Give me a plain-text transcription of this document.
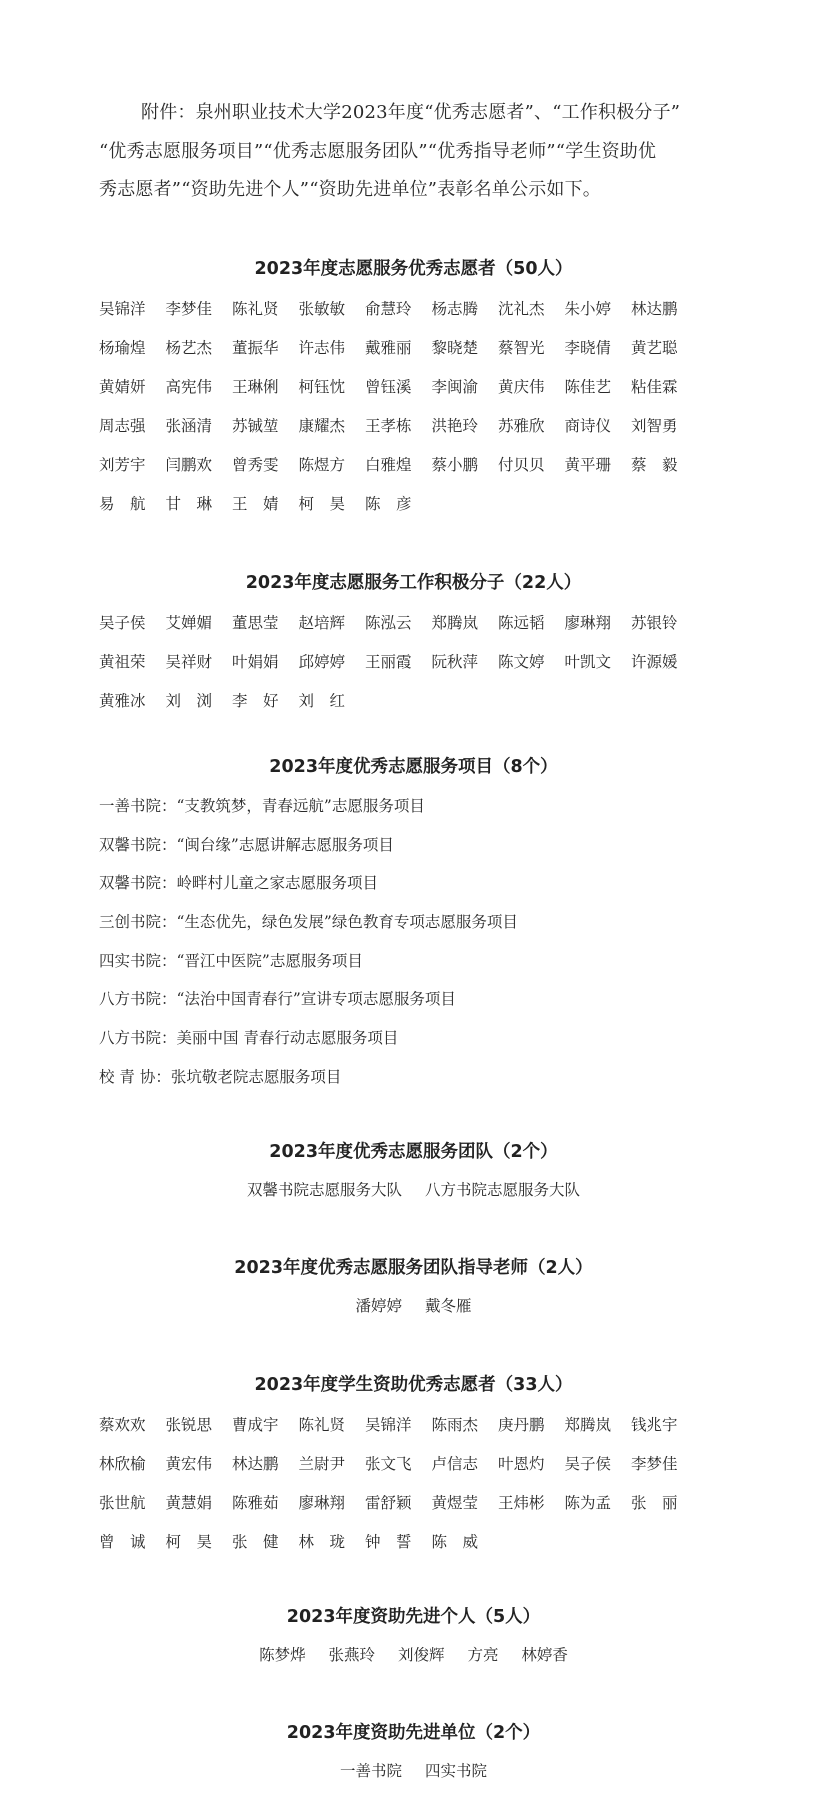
附件：泉州职业技术大学2023年度“优秀志愿者”、“工作积极分子”

“优秀志愿服务项目”“优秀志愿服务团队”“优秀指导老师”“学生资助优
秀志愿者”“资助先进个人”“资助先进单位”表彰名单公示如下。
2023年度志愿服务优秀志愿者（50人）
吴锦洋	李梦佳	陈礼贤	张敏敏	俞慧玲	杨志腾	沈礼杰	朱小婷	林达鹏
杨瑜煌	杨艺杰	董振华	许志伟	戴雅丽	黎晓楚	蔡智光	李晓倩	黄艺聪
黄婧妍	高宪伟	王琳俐	柯钰忱	曾钰溪	李闽渝	黄庆伟	陈佳艺	粘佳霖
周志强	张涵清	苏铖堃	康耀杰	王孝栋	洪艳玲	苏雅欣	商诗仪	刘智勇
刘芳宇	闫鹏欢	曾秀雯	陈煜方	白雅煌	蔡小鹏	付贝贝	黄平珊	蔡　毅
易　航	甘　琳	王　婧	柯　昊	陈　彦
2023年度志愿服务工作积极分子（22人）
吴子侯	艾婵媚	董思莹	赵培辉	陈泓云	郑腾岚	陈远韬	廖琳翔	苏银铃
黄祖荣	吴祥财	叶娟娟	邱婷婷	王丽霞	阮秋萍	陈文婷	叶凯文	许源媛
黄雅冰	刘　浏	李　好	刘　红
2023年度优秀志愿服务项目（8个）
一善书院：“支教筑梦，青春远航”志愿服务项目
双馨书院：“闽台缘”志愿讲解志愿服务项目
双馨书院：岭畔村儿童之家志愿服务项目
三创书院：“生态优先，绿色发展”绿色教育专项志愿服务项目
四实书院：“晋江中医院”志愿服务项目
八方书院：“法治中国青春行”宣讲专项志愿服务项目
八方书院：美丽中国 青春行动志愿服务项目
校 青 协：张坑敬老院志愿服务项目
2023年度优秀志愿服务团队（2个）
双馨书院志愿服务大队 八方书院志愿服务大队
2023年度优秀志愿服务团队指导老师（2人）
潘婷婷 戴冬雁
2023年度学生资助优秀志愿者（33人）
蔡欢欢	张锐思	曹成宇	陈礼贤	吴锦洋	陈雨杰	庚丹鹏	郑腾岚	钱兆宇
林欣榆	黄宏伟	林达鹏	兰尉尹	张文飞	卢信志	叶恩灼	吴子侯	李梦佳
张世航	黄慧娟	陈雅茹	廖琳翔	雷舒颖	黄煜莹	王炜彬	陈为孟	张　丽
曾　诚	柯　昊	张　健	林　珑	钟　誓	陈　威
2023年度资助先进个人（5人）
陈梦烨 张燕玲 刘俊辉 方亮 林婷香
2023年度资助先进单位（2个）
一善书院 四实书院
